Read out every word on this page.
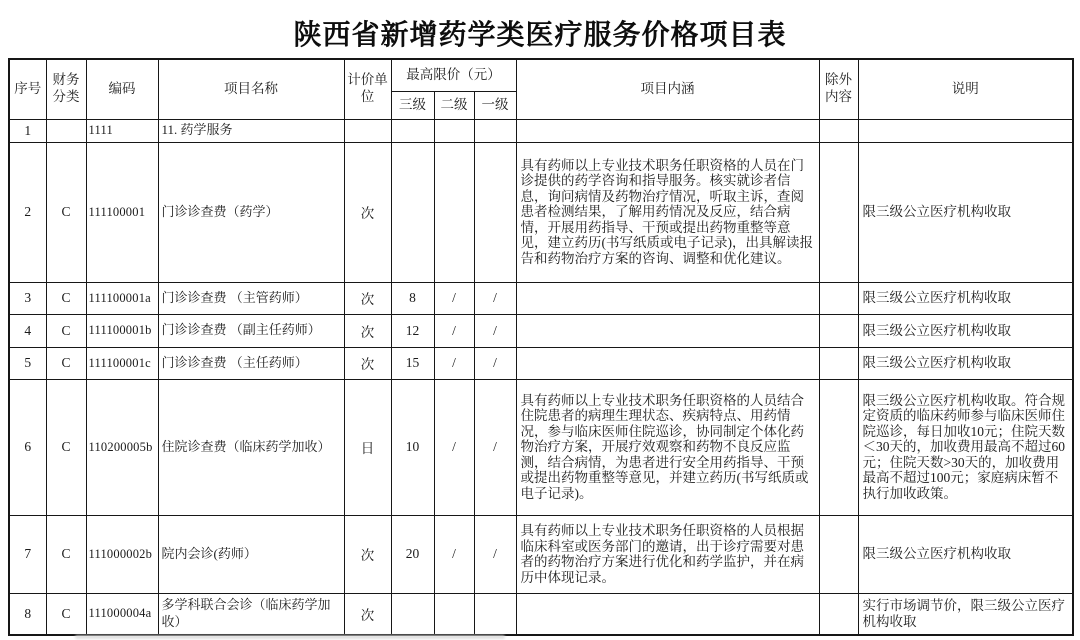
陕西省新增药学类医疗服务价格项目表
序号	财务分类	编码	项目名称	计价单位	最高限价（元）			项目内涵	除外内容	说明
					三级	二级	一级			
1		1111	11. 药学服务							
2	C	111100001	门诊诊查费（药学）	次				具有药师以上专业技术职务任职资格的人员在门诊提供的药学咨询和指导服务。核实就诊者信息，询问病情及药物治疗情况，听取主诉，查阅患者检测结果，了解用药情况及反应，结合病情，开展用药指导、干预或提出药物重整等意见，建立药历(书写纸质或电子记录)，出具解读报告和药物治疗方案的咨询、调整和优化建议。		限三级公立医疗机构收取
3	C	111100001a	门诊诊查费 （主管药师）	次	8	/	/			限三级公立医疗机构收取
4	C	111100001b	门诊诊查费 （副主任药师）	次	12	/	/			限三级公立医疗机构收取
5	C	111100001c	门诊诊查费 （主任药师）	次	15	/	/			限三级公立医疗机构收取
6	C	110200005b	住院诊查费（临床药学加收）	日	10	/	/	具有药师以上专业技术职务任职资格的人员结合住院患者的病理生理状态、疾病特点、用药情况，参与临床医师住院巡诊，协同制定个体化药物治疗方案，开展疗效观察和药物不良反应监测，结合病情，为患者进行安全用药指导、干预或提出药物重整等意见，并建立药历(书写纸质或电子记录)。		限三级公立医疗机构收取。符合规定资质的临床药师参与临床医师住院巡诊，每日加收10元；住院天数＜30天的，加收费用最高不超过60元；住院天数>30天的，加收费用最高不超过100元；家庭病床暂不执行加收政策。
7	C	111000002b	院内会诊(药师）	次	20	/	/	具有药师以上专业技术职务任职资格的人员根据临床科室或医务部门的邀请，出于诊疗需要对患者的药物治疗方案进行优化和药学监护，并在病历中体现记录。		限三级公立医疗机构收取
8	C	111000004a	多学科联合会诊（临床药学加收）	次						实行市场调节价，限三级公立医疗机构收取
